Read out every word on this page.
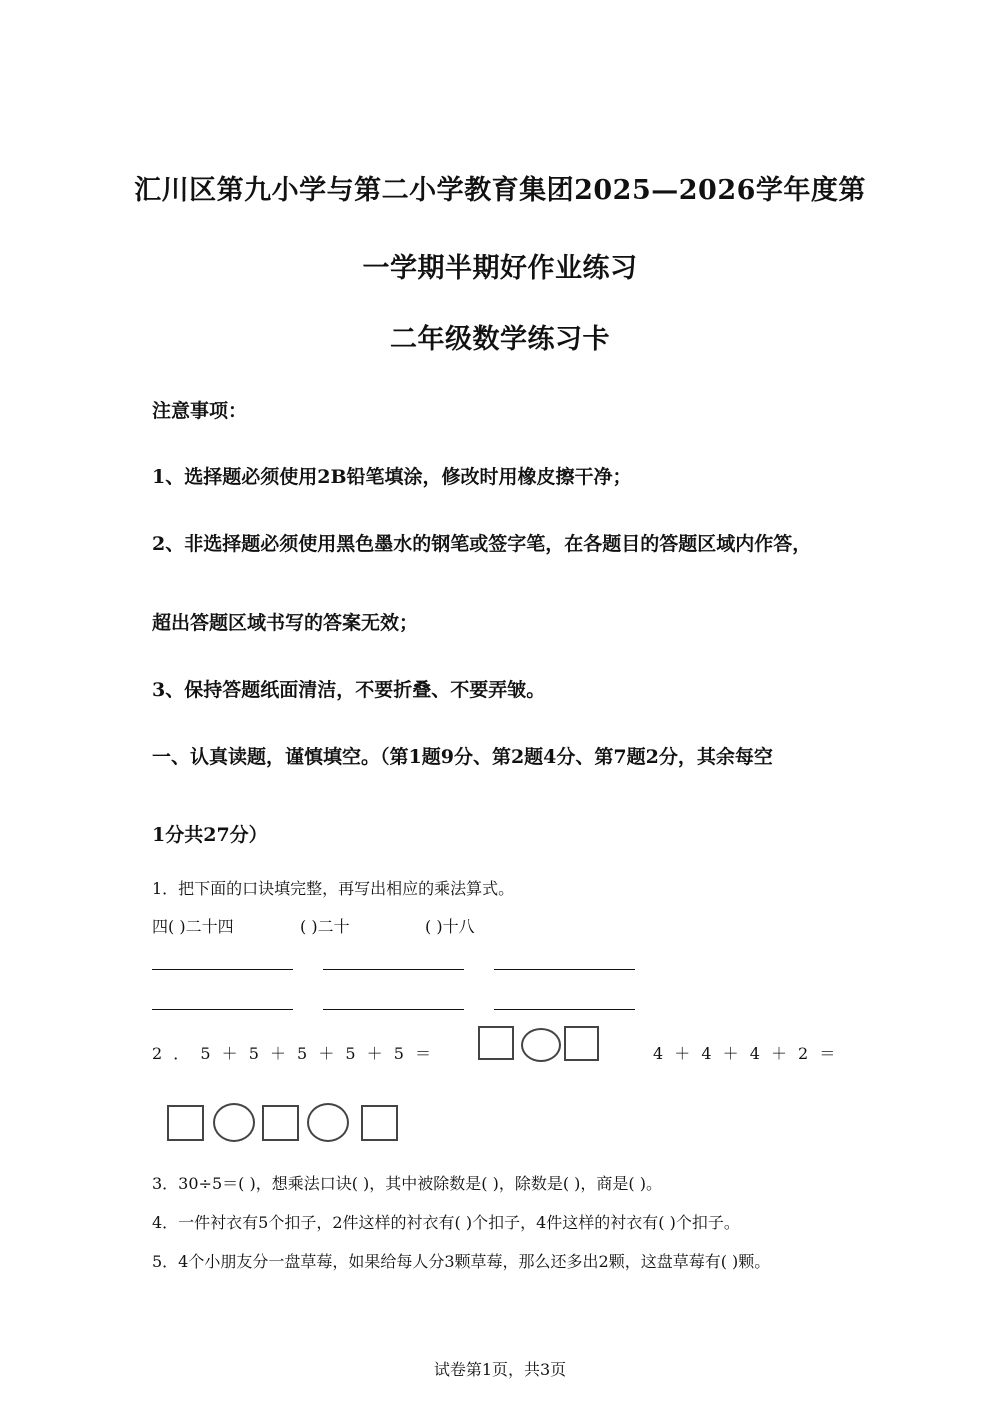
汇川区第九小学与第二小学教育集团2025—2026学年度第
一学期半期好作业练习
二年级数学练习卡
注意事项：
1、选择题必须使用2B铅笔填涂，修改时用橡皮擦干净；
2、非选择题必须使用黑色墨水的钢笔或签字笔，在各题目的答题区域内作答，
超出答题区域书写的答案无效；
3、保持答题纸面清洁，不要折叠、不要弄皱。
一、认真读题，谨慎填空。（第1题9分、第2题4分、第7题2分，其余每空
1分共27分）
1．把下面的口诀填完整，再写出相应的乘法算式。
四( )二十四	( )二十	( )十八
2 ． 5 ＋ 5 ＋ 5 ＋ 5 ＋ 5 ＝	4 ＋ 4 ＋ 4 ＋ 2 ＝
3．30÷5＝( )，想乘法口诀( )，其中被除数是( )，除数是( )，商是( )。
4．一件衬衣有5个扣子，2件这样的衬衣有( )个扣子，4件这样的衬衣有( )个扣子。
5．4个小朋友分一盘草莓，如果给每人分3颗草莓，那么还多出2颗，这盘草莓有( )颗。
试卷第1页，共3页
